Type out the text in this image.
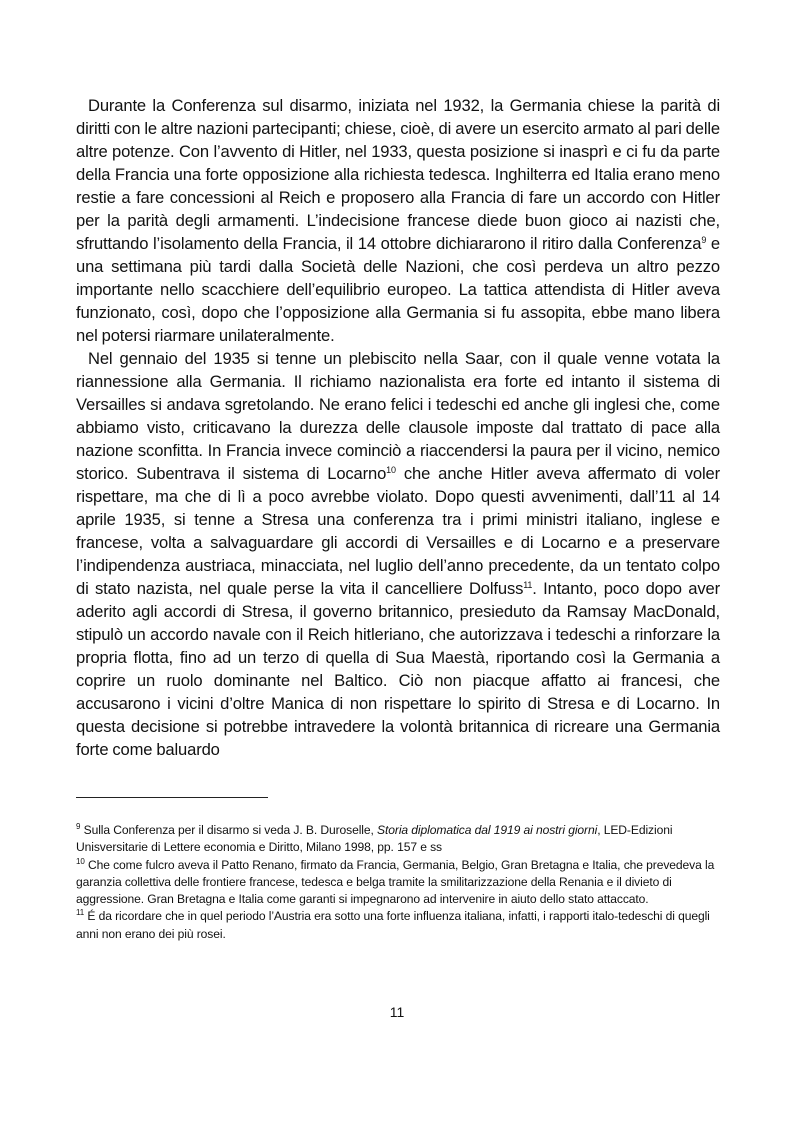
Durante la Conferenza sul disarmo, iniziata nel 1932, la Germania chiese la parità di diritti con le altre nazioni partecipanti; chiese, cioè, di avere un esercito armato al pari delle altre potenze. Con l’avvento di Hitler, nel 1933, questa posizione si inasprì e ci fu da parte della Francia una forte opposizione alla richiesta tedesca. Inghilterra ed Italia erano meno restie a fare concessioni al Reich e proposero alla Francia di fare un accordo con Hitler per la parità degli armamenti. L’indecisione francese diede buon gioco ai nazisti che, sfruttando l’isolamento della Francia, il 14 ottobre dichiararono il ritiro dalla Conferenza$^9$ e una settimana più tardi dalla Società delle Nazioni, che così perdeva un altro pezzo importante nello scacchiere dell’equilibrio europeo. La tattica attendista di Hitler aveva funzionato, così, dopo che l’opposizione alla Germania si fu assopita, ebbe mano libera nel potersi riarmare unilateralmente.

Nel gennaio del 1935 si tenne un plebiscito nella Saar, con il quale venne votata la riannessione alla Germania. Il richiamo nazionalista era forte ed intanto il sistema di Versailles si andava sgretolando. Ne erano felici i tedeschi ed anche gli inglesi che, come abbiamo visto, criticavano la durezza delle clausole imposte dal trattato di pace alla nazione sconfitta. In Francia invece cominciò a riaccendersi la paura per il vicino, nemico storico. Subentrava il sistema di Locarno$^{10}$ che anche Hitler aveva affermato di voler rispettare, ma che di lì a poco avrebbe violato. Dopo questi avvenimenti, dall’11 al 14 aprile 1935, si tenne a Stresa una conferenza tra i primi ministri italiano, inglese e francese, volta a salvaguardare gli accordi di Versailles e di Locarno e a preservare l’indipendenza austriaca, minacciata, nel luglio dell’anno precedente, da un tentato colpo di stato nazista, nel quale perse la vita il cancelliere Dolfuss$^{11}$. Intanto, poco dopo aver aderito agli accordi di Stresa, il governo britannico, presieduto da Ramsay MacDonald, stipulò un accordo navale con il Reich hitleriano, che autorizzava i tedeschi a rinforzare la propria flotta, fino ad un terzo di quella di Sua Maestà, riportando così la Germania a coprire un ruolo dominante nel Baltico. Ciò non piacque affatto ai francesi, che accusarono i vicini d’oltre Manica di non rispettare lo spirito di Stresa e di Locarno. In questa decisione si potrebbe intravedere la volontà britannica di ricreare una Germania forte come baluardo

$^9$ Sulla Conferenza per il disarmo si veda J. B. Duroselle, Storia diplomatica dal 1919 ai nostri giorni, LED-Edizioni Unisversitarie di Lettere economia e Diritto, Milano 1998, pp. 157 e ss

$^{10}$ Che come fulcro aveva il Patto Renano, firmato da Francia, Germania, Belgio, Gran Bretagna e Italia, che prevedeva la garanzia collettiva delle frontiere francese, tedesca e belga tramite la smilitarizzazione della Renania e il divieto di aggressione. Gran Bretagna e Italia come garanti si impegnarono ad intervenire in aiuto dello stato attaccato.

$^{11}$ É da ricordare che in quel periodo l’Austria era sotto una forte influenza italiana, infatti, i rapporti italo-tedeschi di quegli anni non erano dei più rosei.

11
